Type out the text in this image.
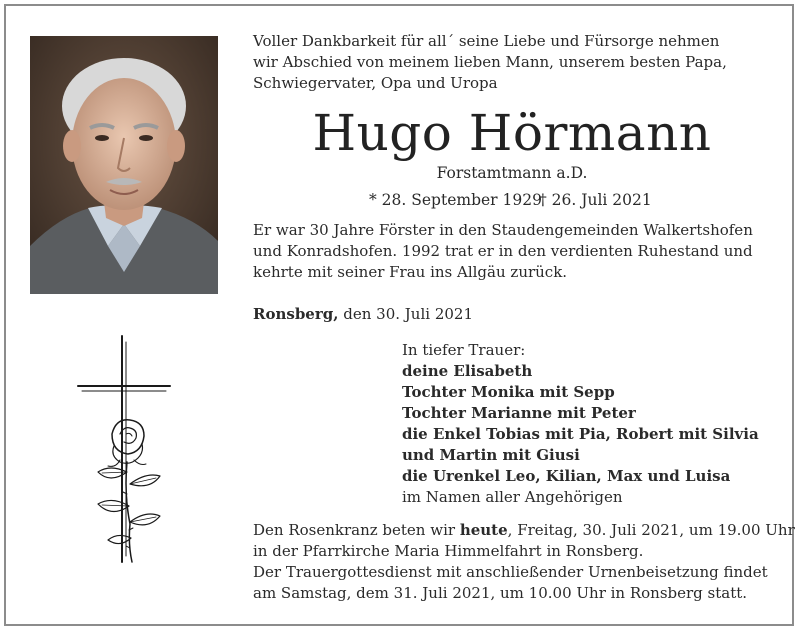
Voller Dankbarkeit für all´ seine Liebe und Fürsorge nehmen
wir Abschied von meinem lieben Mann, unserem besten Papa,
Schwiegervater, Opa und Uropa
Hugo Hörmann
Forstamtmann a.D.
* 28. September 1929
† 26. Juli 2021
Er war 30 Jahre Förster in den Staudengemeinden Walkertshofen
und Konradshofen. 1992 trat er in den verdienten Ruhestand und
kehrte mit seiner Frau ins Allgäu zurück.
Ronsberg, den 30. Juli 2021
In tiefer Trauer:
deine Elisabeth
Tochter Monika mit Sepp
Tochter Marianne mit Peter
die Enkel Tobias mit Pia, Robert mit Silvia
und Martin mit Giusi
die Urenkel Leo, Kilian, Max und Luisa
im Namen aller Angehörigen
Den Rosenkranz beten wir heute, Freitag, 30. Juli 2021, um 19.00 Uhr
in der Pfarrkirche Maria Himmelfahrt in Ronsberg.
Der Trauergottesdienst mit anschließender Urnenbeisetzung findet
am Samstag, dem 31. Juli 2021, um 10.00 Uhr in Ronsberg statt.
